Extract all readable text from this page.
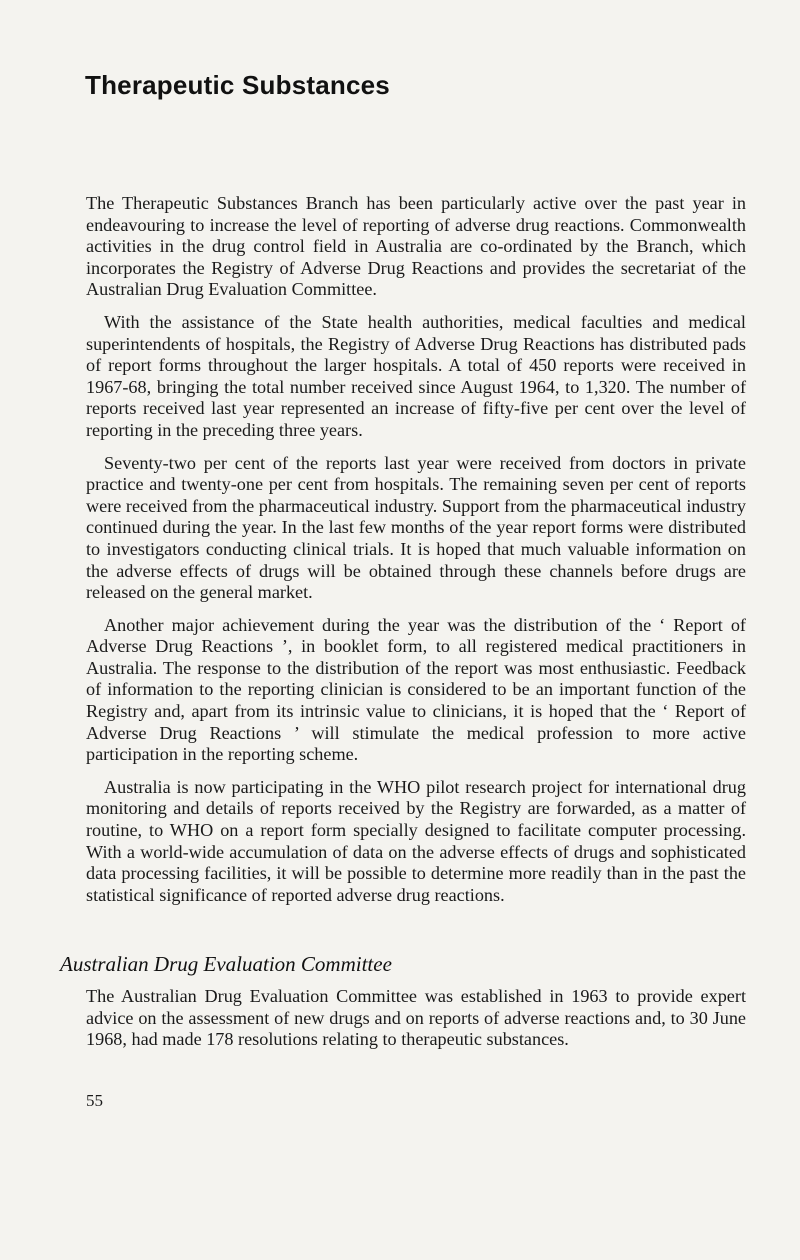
Therapeutic Substances

The Therapeutic Substances Branch has been particularly active over the past year in endeavouring to increase the level of reporting of adverse drug reactions. Commonwealth activities in the drug control field in Australia are co-ordinated by the Branch, which incorporates the Registry of Adverse Drug Reactions and provides the secretariat of the Australian Drug Evaluation Committee.

With the assistance of the State health authorities, medical faculties and medical superintendents of hospitals, the Registry of Adverse Drug Reactions has distributed pads of report forms throughout the larger hospitals. A total of 450 reports were received in 1967-68, bringing the total number received since August 1964, to 1,320. The number of reports received last year represented an increase of fifty-five per cent over the level of reporting in the preceding three years.

Seventy-two per cent of the reports last year were received from doctors in private practice and twenty-one per cent from hospitals. The remaining seven per cent of reports were received from the pharmaceutical industry. Support from the pharmaceutical industry continued during the year. In the last few months of the year report forms were distributed to investigators conducting clinical trials. It is hoped that much valuable information on the adverse effects of drugs will be obtained through these channels before drugs are released on the general market.

Another major achievement during the year was the distribution of the ‘ Report of Adverse Drug Reactions ’, in booklet form, to all registered medical practitioners in Australia. The response to the distribution of the report was most enthusiastic. Feedback of information to the reporting clinician is considered to be an important function of the Registry and, apart from its intrinsic value to clinicians, it is hoped that the ‘ Report of Adverse Drug Reactions ’ will stimulate the medical profession to more active participation in the reporting scheme.

Australia is now participating in the WHO pilot research project for international drug monitoring and details of reports received by the Registry are forwarded, as a matter of routine, to WHO on a report form specially designed to facilitate computer processing. With a world-wide accumulation of data on the adverse effects of drugs and sophisticated data processing facilities, it will be possible to determine more readily than in the past the statistical significance of reported adverse drug reactions.

Australian Drug Evaluation Committee

The Australian Drug Evaluation Committee was established in 1963 to provide expert advice on the assessment of new drugs and on reports of adverse reactions and, to 30 June 1968, had made 178 resolutions relating to therapeutic substances.

55
